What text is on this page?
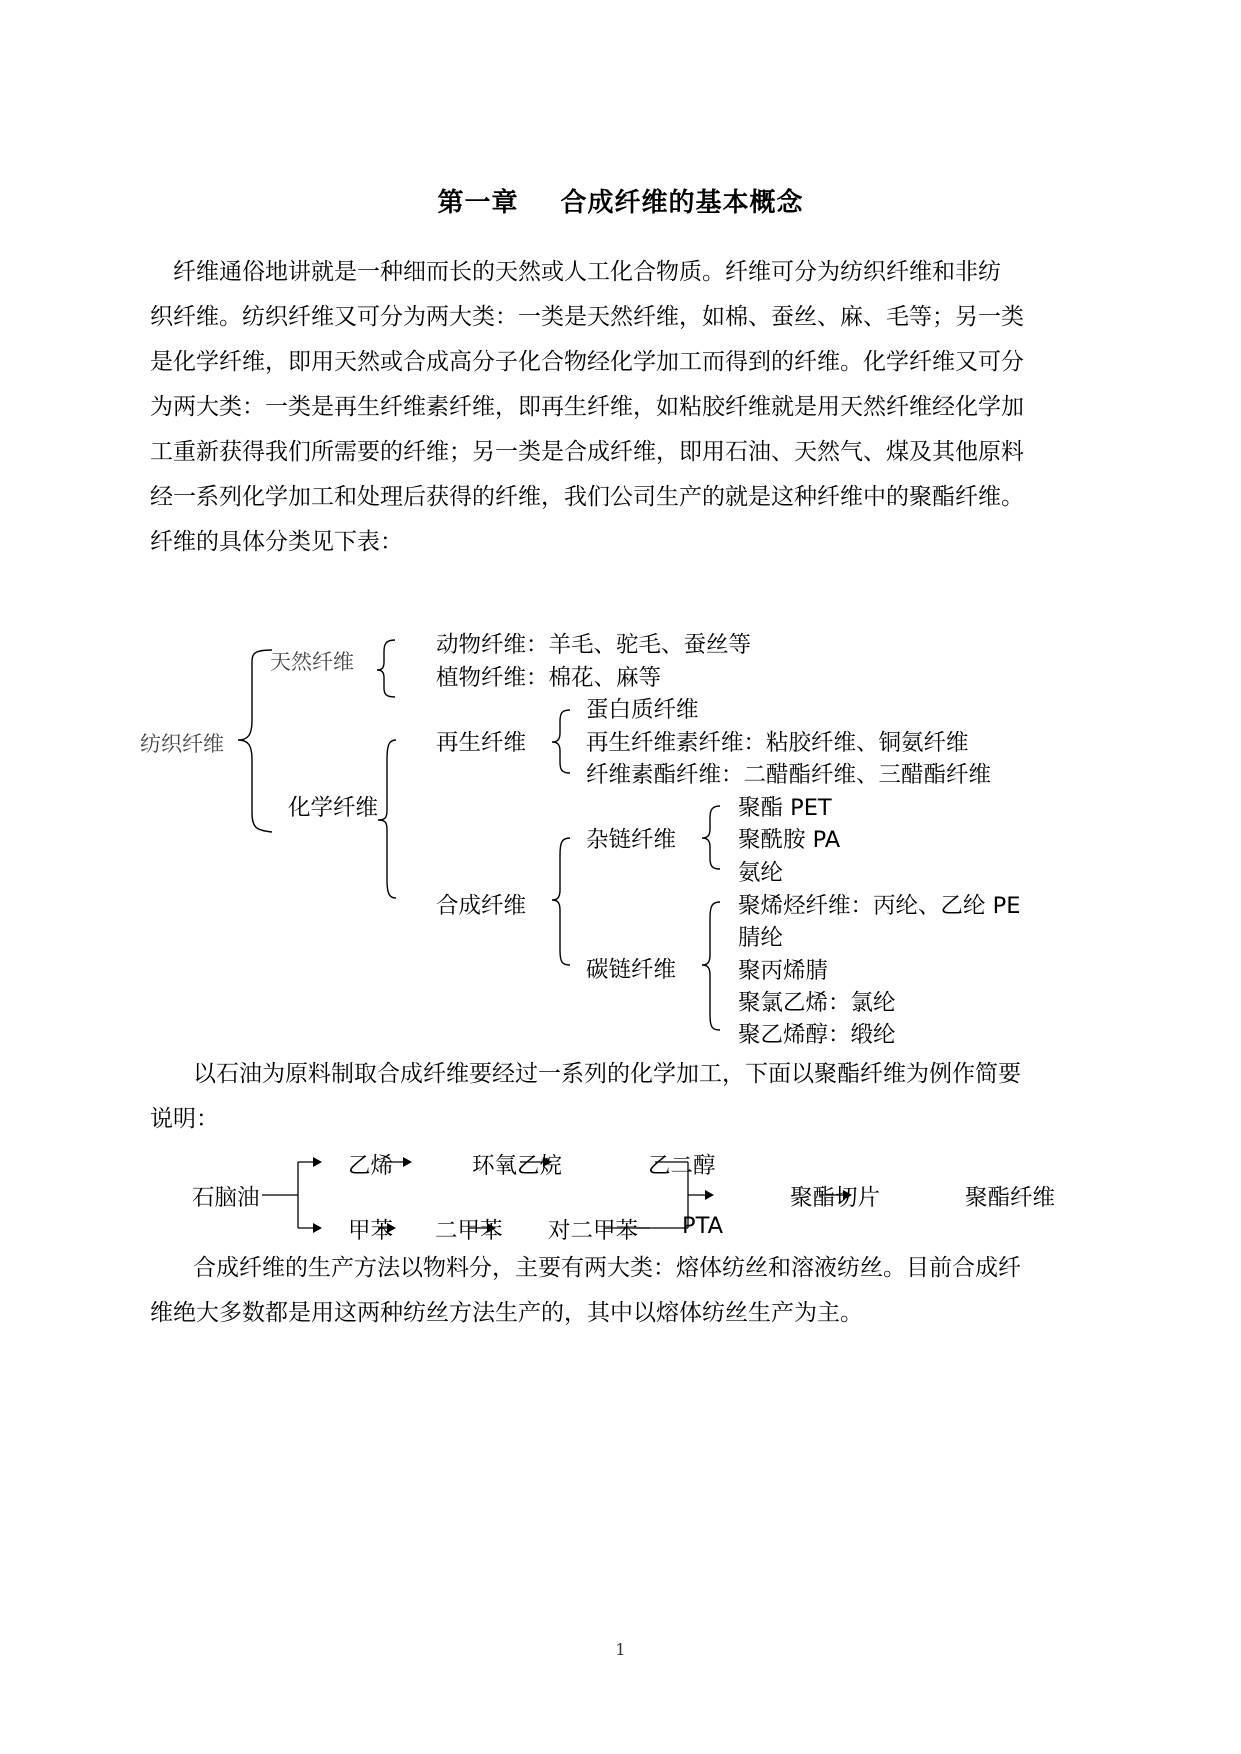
第一章 合成纤维的基本概念
纤维通俗地讲就是一种细而长的天然或人工化合物质。纤维可分为纺织纤维和非纺
织纤维。纺织纤维又可分为两大类：一类是天然纤维，如棉、蚕丝、麻、毛等；另一类
是化学纤维，即用天然或合成高分子化合物经化学加工而得到的纤维。化学纤维又可分
为两大类：一类是再生纤维素纤维，即再生纤维，如粘胶纤维就是用天然纤维经化学加
工重新获得我们所需要的纤维；另一类是合成纤维，即用石油、天然气、煤及其他原料
经一系列化学加工和处理后获得的纤维，我们公司生产的就是这种纤维中的聚酯纤维。
纤维的具体分类见下表：
纺织纤维
天然纤维
化学纤维
动物纤维：羊毛、驼毛、蚕丝等
植物纤维：棉花、麻等
再生纤维
蛋白质纤维
再生纤维素纤维：粘胶纤维、铜氨纤维
纤维素酯纤维：二醋酯纤维、三醋酯纤维
合成纤维
杂链纤维
聚酯 PET
聚酰胺 PA
氨纶
碳链纤维
聚烯烃纤维：丙纶、乙纶 PE
腈纶
聚丙烯腈
聚氯乙烯：氯纶
聚乙烯醇：缎纶
以石油为原料制取合成纤维要经过一系列的化学加工，下面以聚酯纤维为例作简要
说明：
石脑油
乙烯	环氧乙烷	乙二醇
甲苯 二甲苯 对二甲苯 PTA
聚酯切片	聚酯纤维
合成纤维的生产方法以物料分，主要有两大类：熔体纺丝和溶液纺丝。目前合成纤
维绝大多数都是用这两种纺丝方法生产的，其中以熔体纺丝生产为主。
1
